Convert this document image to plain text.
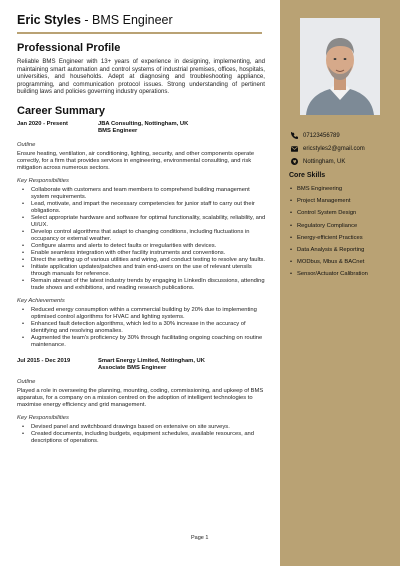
Eric Styles - BMS Engineer
Professional Profile

Reliable BMS Engineer with 13+ years of experience in designing, implementing, and maintaining smart automation and control systems of industrial premises, offices, hospitals, universities, and households. Adept at diagnosing and troubleshooting appliance, programming, and communication protocol issues. Strong understanding of pertinent building laws and policies governing industry operations.

Career Summary
Jan 2020 - Present	JBA Consulting, Nottingham, UK
BMS Engineer
Outline

Ensure heating, ventilation, air conditioning, lighting, security, and other components operate correctly, for a firm that provides services in engineering, environmental consulting, and risk mitigation across numerous sectors.

Key Responsibilities
• Collaborate with customers and team members to comprehend building management system requirements.
• Lead, motivate, and impart the necessary competencies for junior staff to carry out their obligations.
• Select appropriate hardware and software for optimal functionality, scalability, reliability, and UI/UX.
• Develop control algorithms that adapt to changing conditions, including fluctuations in occupancy or external weather.
• Configure alarms and alerts to detect faults or irregularities with devices.
• Enable seamless integration with other facility instruments and conventions.
• Direct the setting up of various utilities and wiring, and conduct testing to resolve any faults.
• Initiate application updates/patches and train end-users on the use of relevant utensils through manuals for reference.
• Remain abreast of the latest industry trends by engaging in LinkedIn discussions, attending trade shows and exhibitions, and reading research publications.
Key Achievements
• Reduced energy consumption within a commercial building by 20% due to implementing optimised control algorithms for HVAC and lighting systems.
• Enhanced fault detection algorithms, which led to a 30% increase in the accuracy of identifying and resolving anomalies.
• Augmented the team's proficiency by 30% through facilitating ongoing coaching on routine maintenance.
Jul 2015 - Dec 2019	Smart Energy Limited, Nottingham, UK
Associate BMS Engineer
Outline

Played a role in overseeing the planning, mounting, coding, commissioning, and upkeep of BMS apparatus, for a company on a mission centred on the adoption of intelligent technologies to maximise energy efficiency and grid management.

Key Responsibilities
• Devised panel and switchboard drawings based on extensive on site surveys.
• Created documents, including budgets, equipment schedules, available resources, and descriptions of operations.
07123456789
ericstyles2@gmail.com
Nottingham, UK
Core Skills
• BMS Engineering
• Project Management
• Control System Design
• Regulatory Compliance
• Energy-efficient Practices
• Data Analysis & Reporting
• MODbus, Mbus & BACnet
• Sensor/Actuator Calibration
Page 1
